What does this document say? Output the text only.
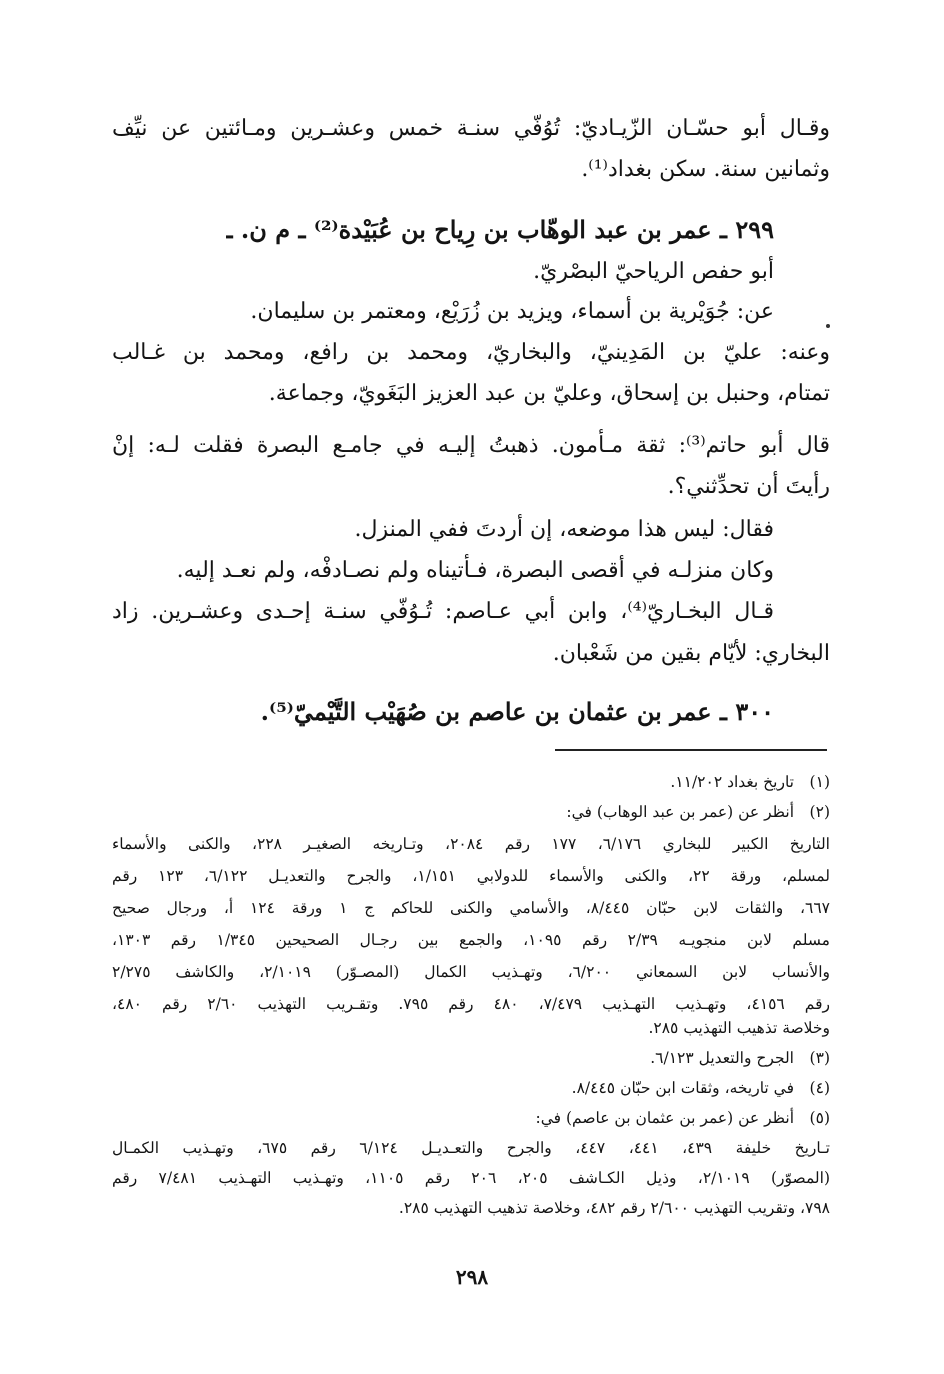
وقـال أبو حسّـان الزّيـاديّ: تُوُفّي سنـة خمس وعشـرين ومـائتين عن نيِّف
وثمانين سنة. سكن بغداد⁽¹⁾.
٢٩٩ ـ عمر بن عبد الوهّاب بن رِياح بن عُبَيْدة⁽²⁾ ـ م ن. ـ
أبو حفص الرياحيّ البصْريّ.
عن: جُوَيْرية بن أسماء، ويزيد بن زُرَيْع، ومعتمر بن سليمان.
وعنه: عليّ بن المَدِينيّ، والبخاريّ، ومحمد بن رافع، ومحمد بن غـالب
تمتام، وحنبل بن إسحاق، وعليّ بن عبد العزيز البَغَويّ، وجماعة.
قال أبو حاتم⁽³⁾: ثقة مـأمون. ذهبتُ إليـه في جامـع البصرة فقلت لـه: إنْ
رأيتَ أن تحدِّثني؟.
فقال: ليس هذا موضعه، إن أردتَ ففي المنزل.
وكان منزلـه في أقصى البصرة، فـأتيناه ولم نصـادفْه، ولم نعـد إليه.
قـال البخـاريّ⁽⁴⁾، وابن أبي عـاصم: تُـوُفّي سنـة إحـدى وعشـرين. زاد
البخاري: لأيّام بقين من شَعْبان.
٣٠٠ ـ عمر بن عثمان بن عاصم بن صُهَيْب التَّيْميّ⁽⁵⁾.
(١)
تاريخ بغداد ١١/٢٠٢.
(٢)
أنظر عن (عمر بن عبد الوهاب) في:
التاريخ الكبير للبخاري ٦/١٧٦، ١٧٧ رقم ٢٠٨٤، وتـاريخه الصغيـر ٢٢٨، والكنى والأسماء
لمسلم، ورقة ٢٢، والكنى والأسماء للدولابي ١/١٥١، والجرح والتعديـل ٦/١٢٢، ١٢٣ رقم
٦٦٧، والثقات لابن حبّان ٨/٤٤٥، والأسامي والكنى للحاكم ج ١ ورقة ١٢٤ أ، ورجال صحيح
مسلم لابن منجويـه ٢/٣٩ رقم ١٠٩٥، والجمع بين رجـال الصحيحين ١/٣٤٥ رقم ١٣٠٣،
والأنساب لابن السمعاني ٦/٢٠٠، وتهـذيب الكمال (المصـوّر) ٢/١٠١٩، والكاشف ٢/٢٧٥
رقم ٤١٥٦، وتهـذيب التهـذيب ٧/٤٧٩، ٤٨٠ رقم ٧٩٥. وتقـريب التهذيب ٢/٦٠ رقم ٤٨٠،
وخلاصة تذهيب التهذيب ٢٨٥.
(٣)
الجرح والتعديل ٦/١٢٣.
(٤)
في تاريخه، وثقات ابن حبّان ٨/٤٤٥.
(٥)
أنظر عن (عمر بن عثمان بن عاصم) في:
تـاريخ خليفة ٤٣٩، ٤٤١، ٤٤٧، والجرح والتعـديـل ٦/١٢٤ رقم ٦٧٥، وتهـذيب الكمـال
(المصوّر) ٢/١٠١٩، وذيل الكـاشف ٢٠٥، ٢٠٦ رقم ١١٠٥، وتهـذيب التهـذيب ٧/٤٨١ رقم
٧٩٨، وتقريب التهذيب ٢/٦٠٠ رقم ٤٨٢، وخلاصة تذهيب التهذيب ٢٨٥.
٢٩٨
